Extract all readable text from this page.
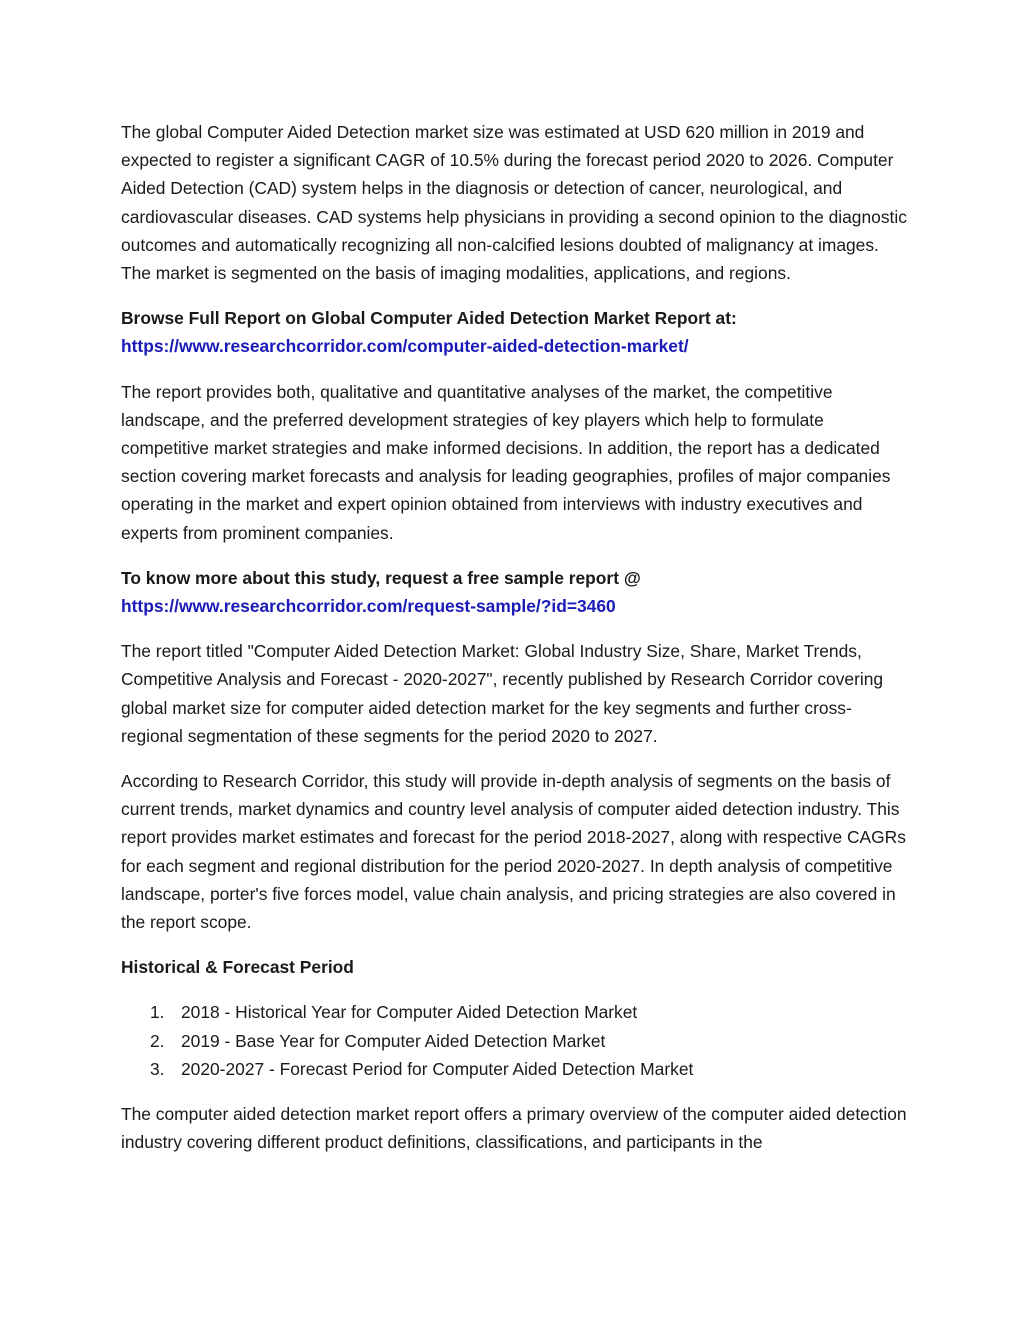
The global Computer Aided Detection market size was estimated at USD 620 million in 2019 and expected to register a significant CAGR of 10.5% during the forecast period 2020 to 2026. Computer Aided Detection (CAD) system helps in the diagnosis or detection of cancer, neurological, and cardiovascular diseases. CAD systems help physicians in providing a second opinion to the diagnostic outcomes and automatically recognizing all non-calcified lesions doubted of malignancy at images. The market is segmented on the basis of imaging modalities, applications, and regions.

Browse Full Report on Global Computer Aided Detection Market Report at:
https://www.researchcorridor.com/computer-aided-detection-market/

The report provides both, qualitative and quantitative analyses of the market, the competitive landscape, and the preferred development strategies of key players which help to formulate competitive market strategies and make informed decisions. In addition, the report has a dedicated section covering market forecasts and analysis for leading geographies, profiles of major companies operating in the market and expert opinion obtained from interviews with industry executives and experts from prominent companies.

To know more about this study, request a free sample report @
https://www.researchcorridor.com/request-sample/?id=3460

The report titled "Computer Aided Detection Market: Global Industry Size, Share, Market Trends, Competitive Analysis and Forecast - 2020-2027", recently published by Research Corridor covering global market size for computer aided detection market for the key segments and further cross-regional segmentation of these segments for the period 2020 to 2027.

According to Research Corridor, this study will provide in-depth analysis of segments on the basis of current trends, market dynamics and country level analysis of computer aided detection industry. This report provides market estimates and forecast for the period 2018-2027, along with respective CAGRs for each segment and regional distribution for the period 2020-2027. In depth analysis of competitive landscape, porter's five forces model, value chain analysis, and pricing strategies are also covered in the report scope.

Historical & Forecast Period

1. 2018 - Historical Year for Computer Aided Detection Market
2. 2019 - Base Year for Computer Aided Detection Market
3. 2020-2027 - Forecast Period for Computer Aided Detection Market

The computer aided detection market report offers a primary overview of the computer aided detection industry covering different product definitions, classifications, and participants in the
